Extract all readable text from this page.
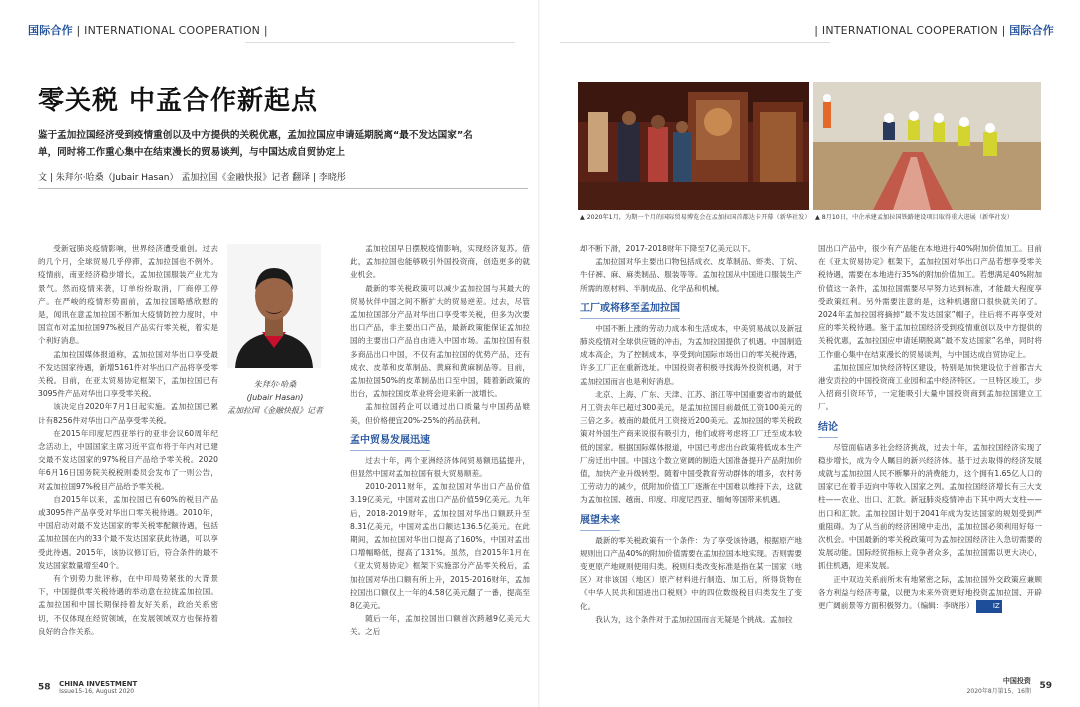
国际合作 | INTERNATIONAL COOPERATION |
零关税 中孟合作新起点
鉴于孟加拉国经济受到疫情重创以及中方提供的关税优惠，孟加拉国应申请延期脱离“最不发达国家”名单，同时将工作重心集中在结束漫长的贸易谈判，与中国达成自贸协定上
文 | 朱拜尔·哈桑（Jubair Hasan） 孟加拉国《金融快报》记者 翻译 | 李晓彤

受新冠肺炎疫情影响，世界经济遭受重创。过去的几个月，全球贸易几乎停滞，孟加拉国也不例外。疫情前，南亚经济稳步增长，孟加拉国服装产业尤为景气。然而疫情来袭，订单纷纷取消，厂商停工停产。在严峻的疫情形势面前，孟加拉国略感欣慰的是，闻讯在意孟加拉国不断加大疫情防控力度时，中国宣布对孟加拉国97%税目产品实行零关税，着实是个利好消息。

孟加拉国媒体报道称，孟加拉国对华出口享受最不发达国家待遇，新增5161件对华出口产品将享受零关税。目前，在亚太贸易协定框架下，孟加拉国已有3095件产品对华出口享受零关税。

该决定自2020年7月1日起实施。孟加拉国已累计有8256件对华出口产品享受零关税。

在2015年印度尼西亚举行的亚非会议60周年纪念活动上，中国国家主席习近平宣布将于年内对已建交最不发达国家的97%税目产品给予零关税。2020年6月16日国务院关税税则委员会发布了一则公告，对孟加拉国97%税目产品给予零关税。

自2015年以来，孟加拉国已有60%的税目产品或3095件产品享受对华出口零关税待遇。2010年，中国启动对最不发达国家的零关税零配额待遇，包括孟加拉国在内的33个最不发达国家获此待遇，可以享受此待遇。2015年，该协议修订后，符合条件的最不发达国家数量增至40个。

有个别势力批评称，在中印局势紧张的大背景下，中国提供零关税待遇的举动意在拉拢孟加拉国。孟加拉国和中国长期保持着友好关系，政治关系密切，不仅体现在经贸领域，在发展领域双方也保持着良好的合作关系。

朱拜尔·哈桑
(Jubair Hasan)
孟加拉国《金融快报》记者

孟加拉国早日摆脱疫情影响，实现经济复苏。借此，孟加拉国也能够吸引外国投资商，创造更多的就业机会。

最新的零关税政策可以减少孟加拉国与其最大的贸易伙伴中国之间不断扩大的贸易逆差。过去，尽管孟加拉国部分产品对华出口享受零关税，但多为次要出口产品，非主要出口产品，最新政策能保证孟加拉国的主要出口产品自由进入中国市场。孟加拉国有很多商品出口中国，不仅有孟加拉国的优势产品，还有成衣、皮革和皮革制品、黄麻和黄麻制品等。目前，孟加拉国50%的皮革制品出口至中国，随着新政策的出台，孟加拉国皮革业将会迎来新一波增长。

孟加拉国药企可以通过出口质量与中国药品媲美，但价格便宜20%-25%的药品获利。

孟中贸易发展迅速

过去十年，两个亚洲经济体间贸易额迅猛提升，但显然中国对孟加拉国有很大贸易顺差。

2010-2011财年，孟加拉国对华出口产品价值3.19亿美元，中国对孟出口产品价值59亿美元。九年后，2018-2019财年，孟加拉国对华出口额跃升至8.31亿美元，中国对孟出口额达136.5亿美元。在此期间，孟加拉国对华出口提高了160%，中国对孟出口增幅略低，提高了131%。虽然，自2015年1月在《亚太贸易协定》框架下实施部分产品零关税后，孟加拉国对华出口额有所上升，2015-2016财年，孟加拉国出口额仅上一年的4.58亿美元翻了一番，提高至8亿美元。

随后一年，孟加拉国出口额首次跨越9亿美元大关。之后

58 CHINA INVESTMENT
Issue15-16, August 2020
| INTERNATIONAL COOPERATION | 国际合作
▲ 2020年1月，为期一个月的国际贸易博览会在孟加拉国首都达卡开幕（新华社发） ▲ 8月10日，中企承建孟加拉国铁路建设项目取得重大进展（新华社发）

却不断下滑，2017-2018财年下降至7亿美元以下。

孟加拉国对华主要出口物包括成衣、皮革制品、虾类、丁烷、牛仔裤、麻、麻类制品、服装等等。孟加拉国从中国进口服装生产所需的原材料、半制成品、化学品和机械。

工厂或将移至孟加拉国

中国不断上涨的劳动力成本和生活成本，中美贸易战以及新冠肺炎疫情对全球供应链的冲击，为孟加拉国提供了机遇。中国制造成本高企，为了控制成本，享受到向国际市场出口的零关税待遇，许多工厂正在重新选址。中国投资者积极寻找海外投资机遇，对于孟加拉国而言也是利好消息。

北京、上海、广东、天津、江苏、浙江等中国重要省市的最低月工资去年已超过300美元，是孟加拉国目前最低工资100美元的三倍之多。被南的最低月工资接近200美元。孟加拉国的零关税政策对外国生产商来说很有吸引力，他们或将考虑将工厂迁至成本较低的国家。根据国际媒体报道，中国已考虑出台政策将低成本生产厂房迁出中国。中国这个数立宽阔的制造大国准备提升产品附加价值，加快产业升级转型。随着中国受教育劳动群体的增多，农村务工劳动力的减少，低附加价值工厂逐渐在中国难以维持下去，这就为孟加拉国、越南、印度、印度尼西亚、缅甸等国带来机遇。

展望未来

最新的零关税政策有一个条件：为了享受该待遇，根据原产地规则出口产品40%的附加价值需要在孟加拉国本地实现。否则需要变更原产地规则使用归类。税则归类改变标准是指在某一国家（地区）对非该国（地区）原产材料进行制造、加工后，所得货物在《中华人民共和国进出口税则》中的四位数级税目归类发生了变化。

我认为，这个条件对于孟加拉国而言无疑是个挑战。孟加拉

国出口产品中，很少有产品能在本地进行40%附加价值加工。目前在《亚太贸易协定》框架下，孟加拉国对华出口产品若想享受零关税待遇，需要在本地进行35%的附加价值加工。若想满足40%附加价值这一条件，孟加拉国需要尽早努力达到标准，才能最大程度享受政策红利。另外需要注意的是，这种机遇窗口很快就关闭了。2024年孟加拉国将摘掉“最不发达国家”帽子，往后将不再享受对应的零关税待遇。鉴于孟加拉国经济受到疫情重创以及中方提供的关税优惠，孟加拉国应申请延期脱离“最不发达国家”名单，同时将工作重心集中在结束漫长的贸易谈判，与中国达成自贸协定上。

孟加拉国应加快经济特区建设，特别是加快建设位于首都吉大港安贡拉的中国投资商工业园和孟中经济特区。一旦特区竣工，步入招商引资环节，一定能吸引大量中国投资商到孟加拉国建立工厂。

结论

尽管面临诸多社会经济挑战，过去十年，孟加拉国经济实现了稳步增长，成为令人瞩目的新兴经济体。基于过去取得的经济发展成就与孟加拉国人民不断攀升的消费能力，这个拥有1.65亿人口的国家已在着手迈向中等收入国家之列。孟加拉国经济增长有三大支柱——农业、出口、汇款。新冠肺炎疫情冲击下其中两大支柱——出口和汇款。孟加拉国计划于2041年成为发达国家的规划受到严重阻碍。为了从当前的经济困境中走出，孟加拉国必须利用好每一次机会。中国最新的零关税政策可为孟加拉国经济注入急切需要的发展动能。国际经贸指标上竞争者众多，孟加拉国需以更大决心，抓住机遇，迎来发展。

正中双边关系前所未有地紧密之际，孟加拉国外交政策应兼顾各方利益与经济考量，以便为未来外资更好地投资孟加拉国、开辟更广阔前景等方面积极努力。（编辑：李晓彤）	IZ

中国投资
2020年8月第15、16期
59
